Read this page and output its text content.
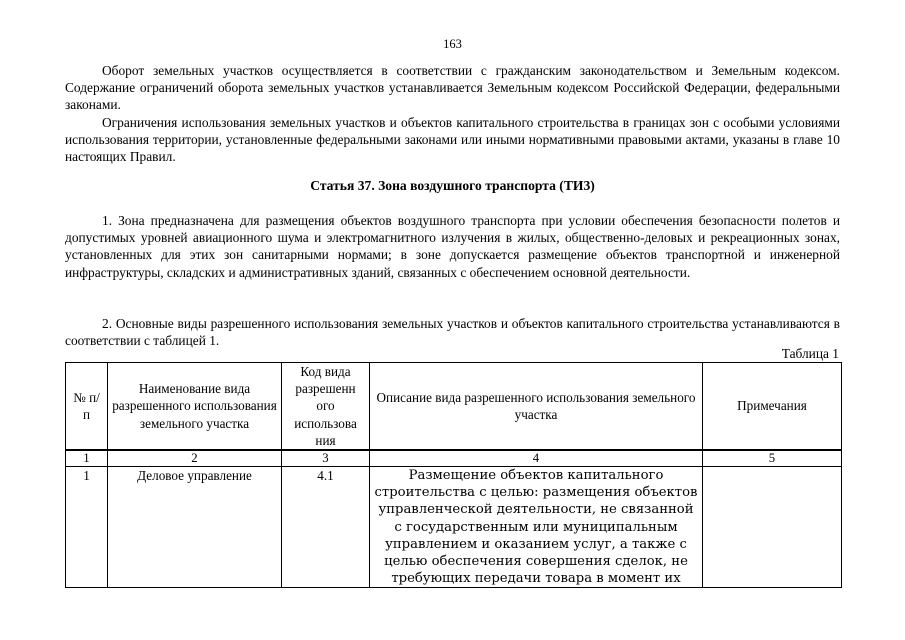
163

Оборот земельных участков осуществляется в соответствии с гражданским законодательством и Земельным кодексом. Содержание ограничений оборота земельных участков устанавливается Земельным кодексом Российской Федерации, федеральными законами.

Ограничения использования земельных участков и объектов капитального строительства в границах зон с особыми условиями использования территории, установленные федеральными законами или иными нормативными правовыми актами, указаны в главе 10 настоящих Правил.

Статья 37. Зона воздушного транспорта (ТИ3)

1. Зона предназначена для размещения объектов воздушного транспорта при условии обеспечения безопасности полетов и допустимых уровней авиационного шума и электромагнитного излучения в жилых, общественно-деловых и рекреационных зонах, установленных для этих зон санитарными нормами; в зоне допускается размещение объектов транспортной и инженерной инфраструктуры, складских и административных зданий, связанных с обеспечением основной деятельности.

2. Основные виды разрешенного использования земельных участков и объектов капитального строительства устанавливаются в соответствии с таблицей 1.

Таблица 1
№ п/п	Наименование вида разрешенного использования земельного участка	Код вида разрешенн ого использова ния	Описание вида разрешенного использования земельного участка	Примечания
1	2	3	4	5
1	Деловое управление	4.1	Размещение объектов капитального строительства с целью: размещения объектов управленческой деятельности, не связанной с государственным или муниципальным управлением и оказанием услуг, а также с целью обеспечения совершения сделок, не требующих передачи товара в момент их	
